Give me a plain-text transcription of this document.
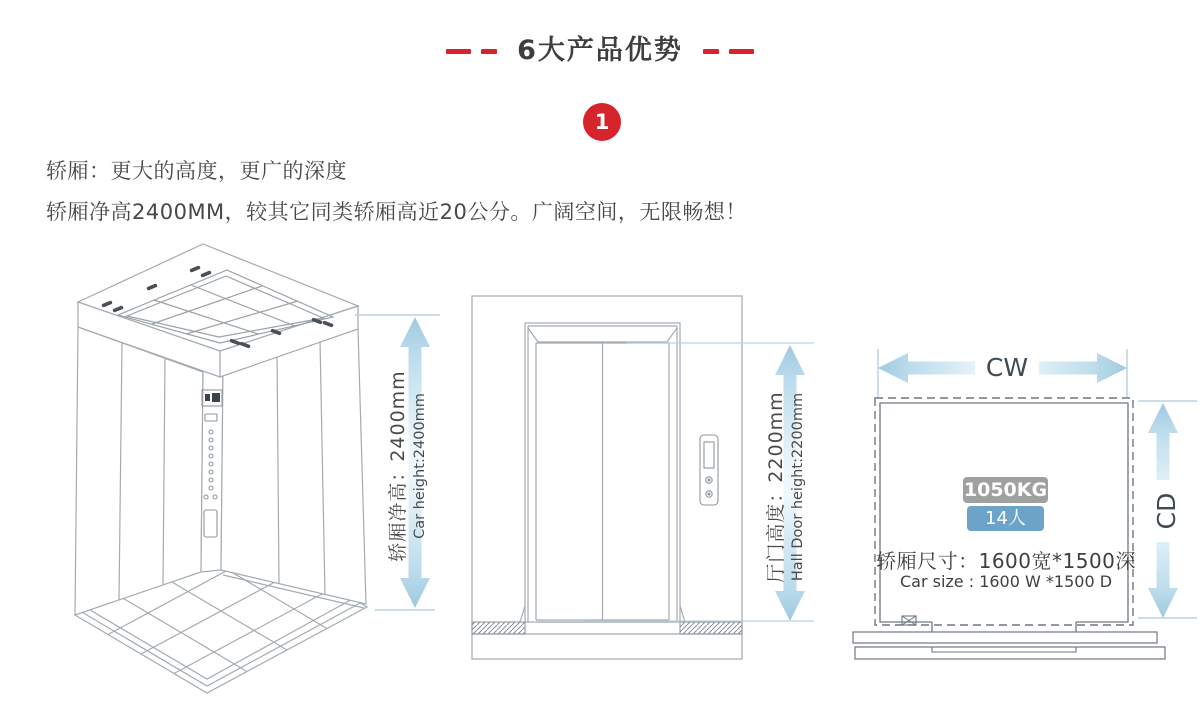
6大产品优势
1
轿厢：更大的高度，更广的深度
轿厢净高2400MM，较其它同类轿厢高近20公分。广阔空间，无限畅想！
轿厢净高：2400mm Car height:2400mm	厅门高度：2200mm Hall Door height:2200mm
CW
CD
1050KG
14人
轿厢尺寸：1600宽*1500深
Car size : 1600 W *1500 D
